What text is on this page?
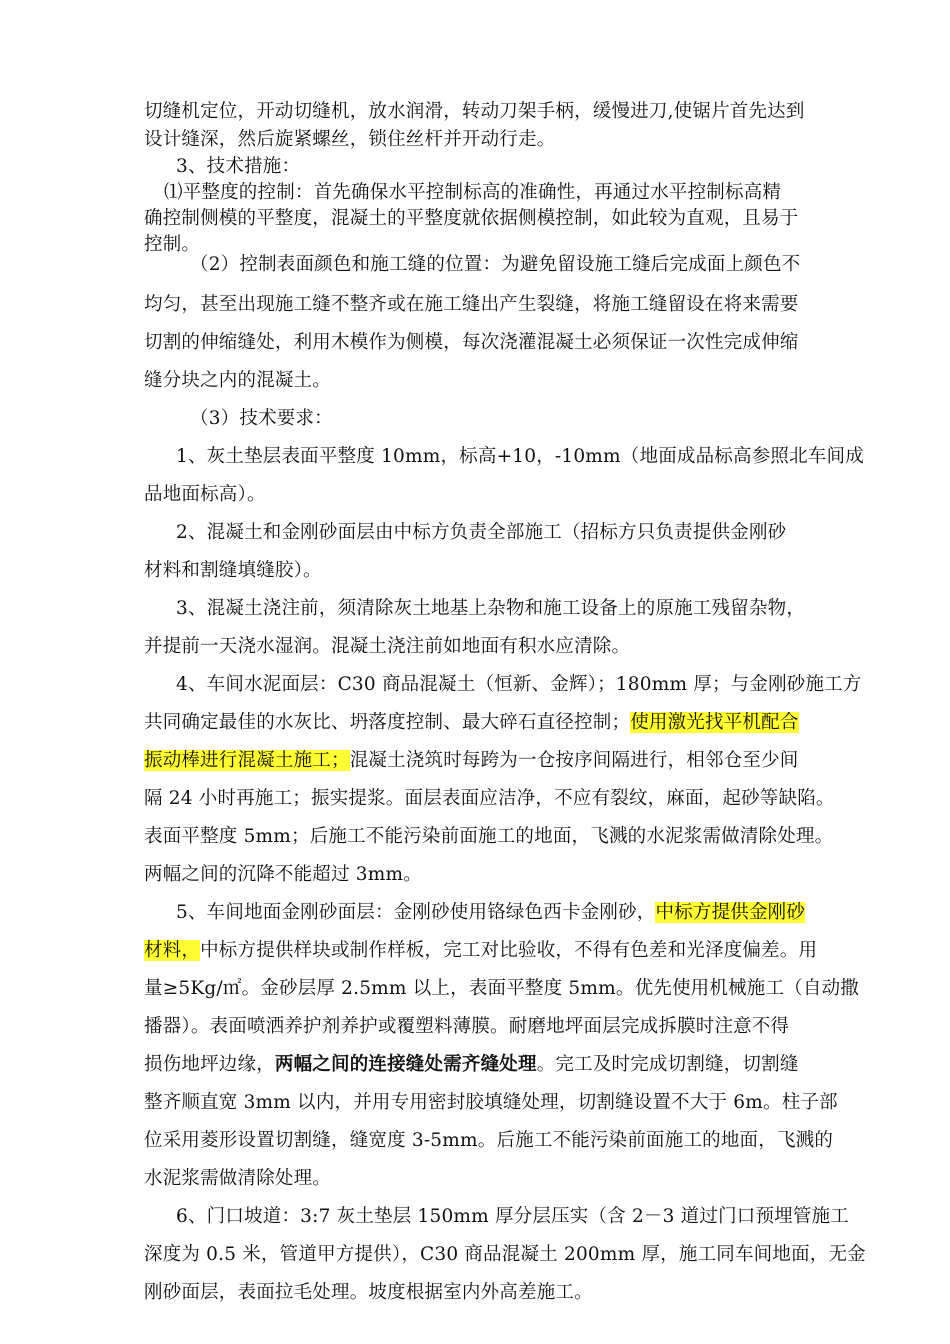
切缝机定位，开动切缝机，放水润滑，转动刀架手柄，缓慢进刀,使锯片首先达到
设计缝深，然后旋紧螺丝，锁住丝杆并开动行走。
3、技术措施：
⑴平整度的控制：首先确保水平控制标高的准确性，再通过水平控制标高精
确控制侧模的平整度，混凝土的平整度就依据侧模控制，如此较为直观，且易于
控制。
（2）控制表面颜色和施工缝的位置：为避免留设施工缝后完成面上颜色不
均匀，甚至出现施工缝不整齐或在施工缝出产生裂缝，将施工缝留设在将来需要
切割的伸缩缝处，利用木模作为侧模，每次浇灌混凝土必须保证一次性完成伸缩
缝分块之内的混凝土。
（3）技术要求：
1、灰土垫层表面平整度 10mm，标高+10，-10mm（地面成品标高参照北车间成
品地面标高）。
2、混凝土和金刚砂面层由中标方负责全部施工（招标方只负责提供金刚砂
材料和割缝填缝胶）。
3、混凝土浇注前，须清除灰土地基上杂物和施工设备上的原施工残留杂物，
并提前一天浇水湿润。混凝土浇注前如地面有积水应清除。
4、车间水泥面层：C30 商品混凝土（恒新、金辉）；180mm 厚；与金刚砂施工方
共同确定最佳的水灰比、坍落度控制、最大碎石直径控制；使用激光找平机配合
振动棒进行混凝土施工；混凝土浇筑时每跨为一仓按序间隔进行，相邻仓至少间
隔 24 小时再施工；振实提浆。面层表面应洁净，不应有裂纹，麻面，起砂等缺陷。
表面平整度 5mm；后施工不能污染前面施工的地面，飞溅的水泥浆需做清除处理。
两幅之间的沉降不能超过 3mm。
5、车间地面金刚砂面层：金刚砂使用铬绿色西卡金刚砂，中标方提供金刚砂
材料，中标方提供样块或制作样板，完工对比验收，不得有色差和光泽度偏差。用
量≥5Kg/㎡。金砂层厚 2.5mm 以上，表面平整度 5mm。优先使用机械施工（自动撒
播器）。表面喷洒养护剂养护或覆塑料薄膜。耐磨地坪面层完成拆膜时注意不得
损伤地坪边缘，两幅之间的连接缝处需齐缝处理。完工及时完成切割缝，切割缝
整齐顺直宽 3mm 以内，并用专用密封胶填缝处理，切割缝设置不大于 6m。柱子部
位采用菱形设置切割缝，缝宽度 3-5mm。后施工不能污染前面施工的地面，飞溅的
水泥浆需做清除处理。
6、门口坡道：3:7 灰土垫层 150mm 厚分层压实（含 2－3 道过门口预埋管施工
深度为 0.5 米，管道甲方提供），C30 商品混凝土 200mm 厚，施工同车间地面，无金
刚砂面层，表面拉毛处理。坡度根据室内外高差施工。
